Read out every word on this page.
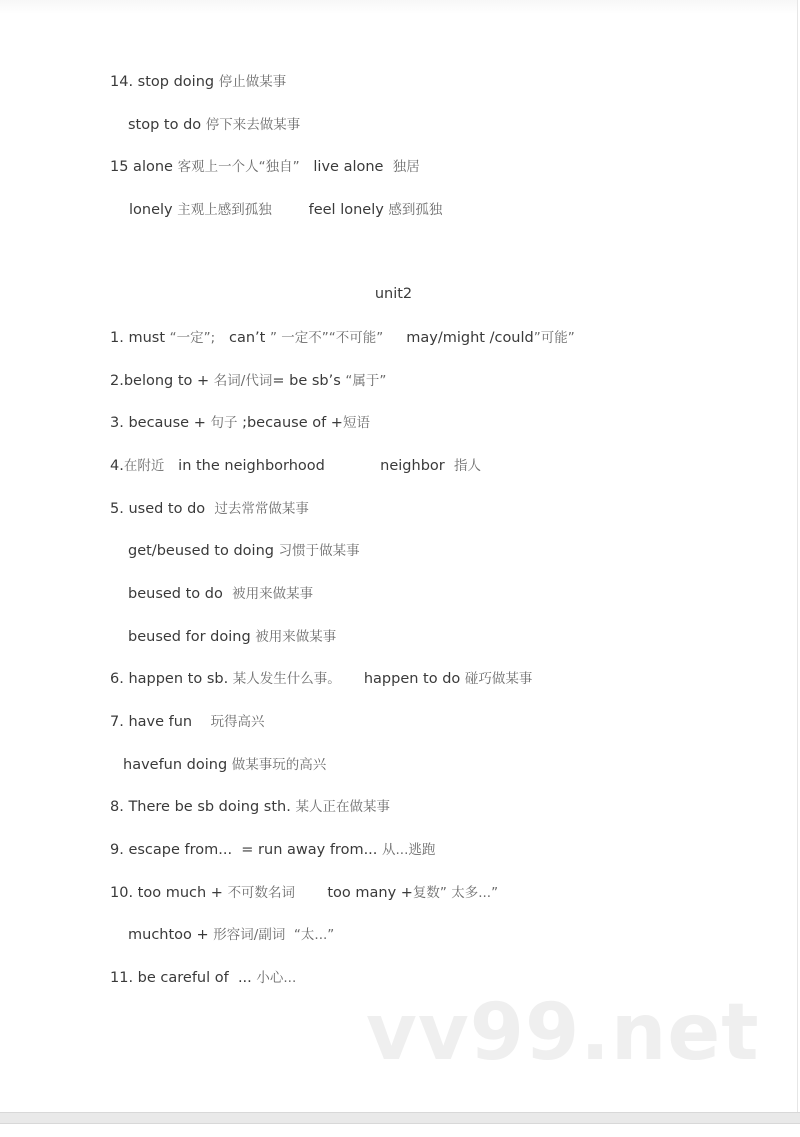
14. stop doing 停止做某事
stop to do 停下来去做某事
15 alone 客观上一个人“独自”   live alone  独居
lonely 主观上感到孤独        feel lonely 感到孤独
1. must “一定”;   can’t ” 一定不”“不可能”     may/might /could”可能”
2.belong to + 名词/代词= be sb’s “属于”
3. because + 句子 ;because of +短语
4.在附近   in the neighborhood            neighbor  指人
5. used to do  过去常常做某事
get/beused to doing 习惯于做某事
beused to do  被用来做某事
beused for doing 被用来做某事
6. happen to sb. 某人发生什么事。     happen to do 碰巧做某事
7. have fun    玩得高兴
havefun doing 做某事玩的高兴
8. There be sb doing sth. 某人正在做某事
9. escape from...  = run away from... 从...逃跑
10. too much + 不可数名词       too many +复数” 太多...”
muchtoo + 形容词/副词  “太...”
11. be careful of  ... 小心...
unit2
vv99.net
